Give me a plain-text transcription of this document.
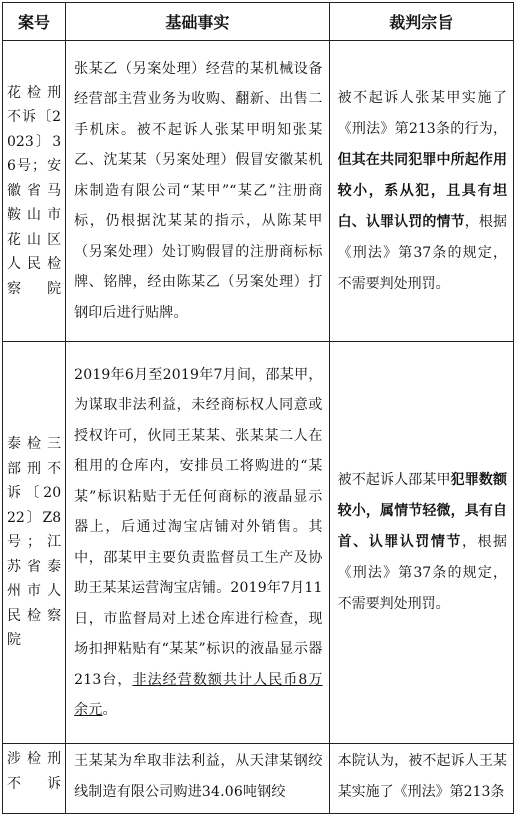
案号	基础事实	裁判宗旨
花检刑不诉〔2023〕36号；安徽省马鞍山市花山区人民检察院	张某乙（另案处理）经营的某机械设备经营部主营业务为收购、翻新、出售二手机床。被不起诉人张某甲明知张某乙、沈某某（另案处理）假冒安徽某机床制造有限公司“某甲”“某乙”注册商标，仍根据沈某某的指示，从陈某甲（另案处理）处订购假冒的注册商标标牌、铭牌，经由陈某乙（另案处理）打钢印后进行贴牌。	被不起诉人张某甲实施了《刑法》第213条的行为，但其在共同犯罪中所起作用较小，系从犯，且具有坦白、认罪认罚的情节，根据《刑法》第37条的规定，不需要判处刑罚。
泰检三部刑不诉〔2022〕Z8号；江苏省泰州市人民检察院	2019年6月至2019年7月间，邵某甲，为谋取非法利益，未经商标权人同意或授权许可，伙同王某某、张某某二人在租用的仓库内，安排员工将购进的“某某”标识粘贴于无任何商标的液晶显示器上，后通过淘宝店铺对外销售。其中，邵某甲主要负责监督员工生产及协助王某某运营淘宝店铺。2019年7月11日，市监督局对上述仓库进行检查，现场扣押粘贴有“某某”标识的液晶显示器213台，非法经营数额共计人民币8万余元。	被不起诉人邵某甲犯罪数额较小，属情节轻微，具有自首、认罪认罚情节，根据《刑法》第37条的规定，不需要判处刑罚。
涉检刑不诉	王某某为牟取非法利益，从天津某钢绞线制造有限公司购进34.06吨钢绞	本院认为，被不起诉人王某某实施了《刑法》第213条
